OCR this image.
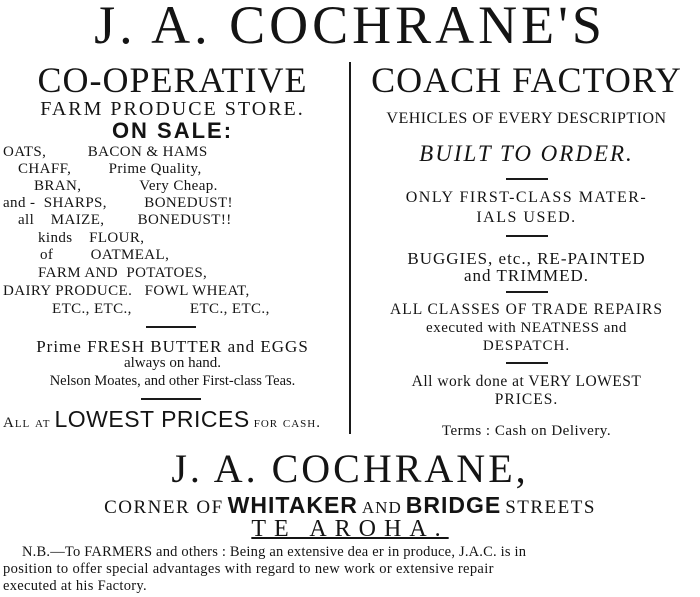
J. A. COCHRANE'S
CO-OPERATIVE
FARM PRODUCE STORE.
ON SALE:
OATS,          BACON & HAMS
CHAFF,         Prime Quality,
BRAN,              Very Cheap.
and -  SHARPS,         BONEDUST!
all    MAIZE,        BONEDUST!!
kinds    FLOUR,
of         OATMEAL,
FARM AND  POTATOES,
DAIRY PRODUCE.   FOWL WHEAT,
ETC., ETC.,              ETC., ETC.,
Prime FRESH BUTTER and EGGS
always on hand.
Nelson Moates, and other First-class Teas.
All at LOWEST PRICES for cash.
COACH FACTORY
VEHICLES OF EVERY DESCRIPTION
BUILT TO ORDER.
ONLY FIRST-CLASS MATER-
IALS USED.
BUGGIES, etc., RE-PAINTED
and TRIMMED.
ALL CLASSES OF TRADE REPAIRS
executed with NEATNESS and
DESPATCH.
All work done at VERY LOWEST
PRICES.
Terms : Cash on Delivery.
J. A. COCHRANE,
CORNER OF WHITAKER AND BRIDGE STREETS
TE AROHA.
N.B.—To FARMERS and others : Being an extensive dea er in produce, J.A.C. is in
position to offer special advantages with regard to new work or extensive repair
executed at his Factory.
